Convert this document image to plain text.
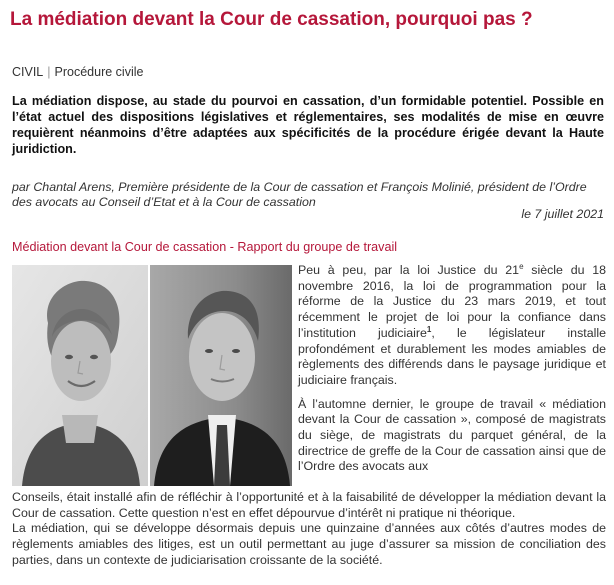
La médiation devant la Cour de cassation, pourquoi pas ?
CIVIL | Procédure civile
La médiation dispose, au stade du pourvoi en cassation, d’un formidable potentiel. Possible en l’état actuel des dispositions législatives et réglementaires, ses modalités de mise en œuvre requièrent néanmoins d’être adaptées aux spécificités de la procédure érigée devant la Haute juridiction.
par Chantal Arens, Première présidente de la Cour de cassation et François Molinié, président de l’Ordre des avocats au Conseil d’Etat et à la Cour de cassation
le 7 juillet 2021
Médiation devant la Cour de cassation - Rapport du groupe de travail

Peu à peu, par la loi Justice du 21e siècle du 18 novembre 2016, la loi de programmation pour la réforme de la Justice du 23 mars 2019, et tout récemment le projet de loi pour la confiance dans l’institution judiciaire$^1$, le législateur installe profondément et durablement les modes amiables de règlements des différends dans le paysage juridique et judiciaire français.

À l’automne dernier, le groupe de travail « médiation devant la Cour de cassation », composé de magistrats du siège, de magistrats du parquet général, de la directrice de greffe de la Cour de cassation ainsi que de l’Ordre des avocats aux

Conseils, était installé afin de réfléchir à l’opportunité et à la faisabilité de développer la médiation devant la Cour de cassation. Cette question n’est en effet dépourvue d’intérêt ni pratique ni théorique.

La médiation, qui se développe désormais depuis une quinzaine d’années aux côtés d’autres modes de règlements amiables des litiges, est un outil permettant au juge d’assurer sa mission de conciliation des parties, dans un contexte de judiciarisation croissante de la société.
